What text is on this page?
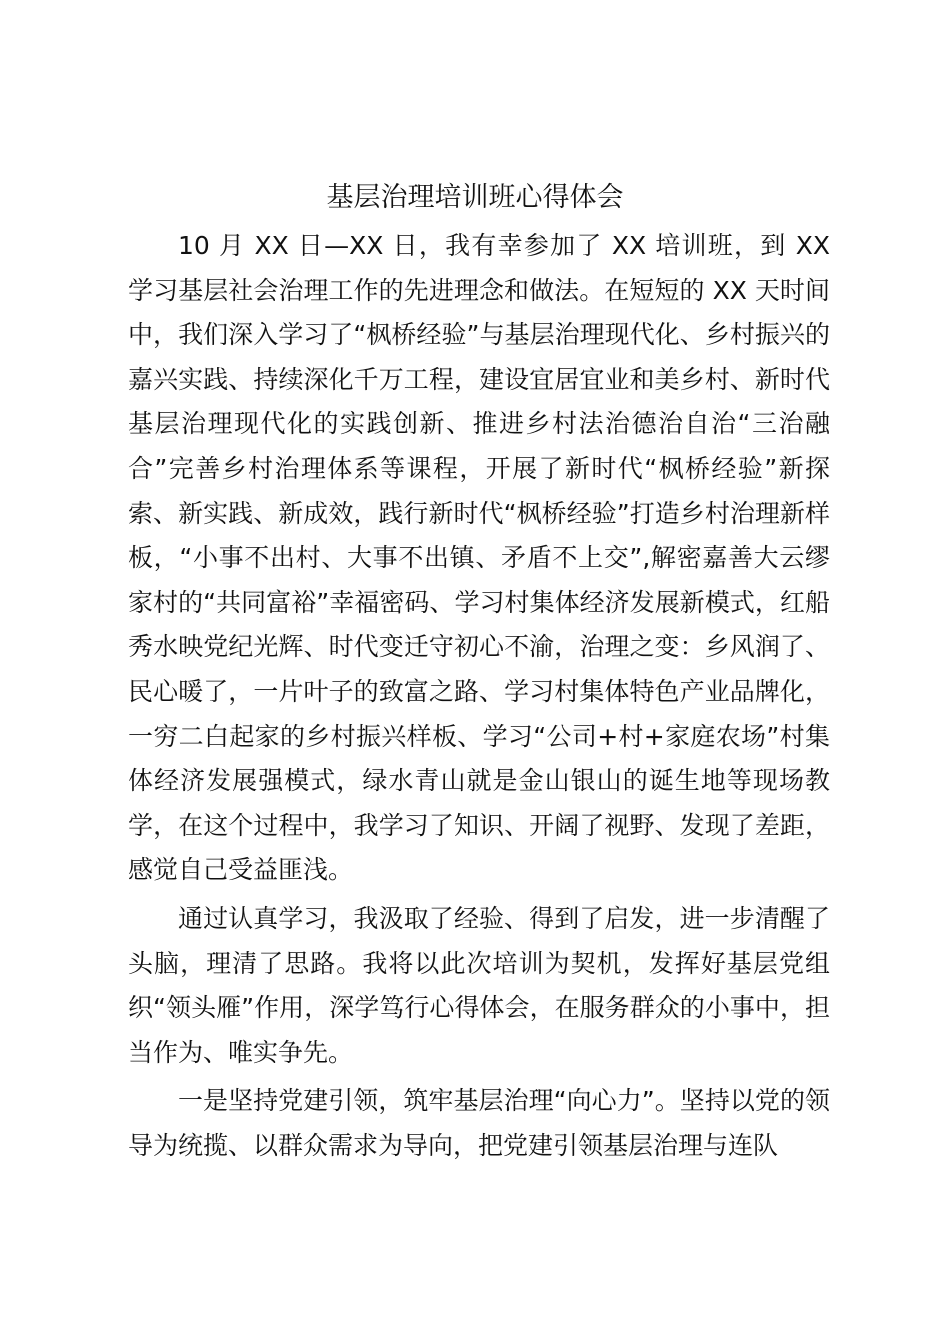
基层治理培训班心得体会

10 月 XX 日—XX 日，我有幸参加了 XX 培训班，到 XX 学习基层社会治理工作的先进理念和做法。在短短的 XX 天时间中，我们深入学习了“枫桥经验”与基层治理现代化、乡村振兴的嘉兴实践、持续深化千万工程，建设宜居宜业和美乡村、新时代基层治理现代化的实践创新、推进乡村法治德治自治“三治融合”完善乡村治理体系等课程，开展了新时代“枫桥经验”新探索、新实践、新成效，践行新时代“枫桥经验”打造乡村治理新样板，“小事不出村、大事不出镇、矛盾不上交”,解密嘉善大云缪家村的“共同富裕”幸福密码、学习村集体经济发展新模式，红船秀水映党纪光辉、时代变迁守初心不渝，治理之变：乡风润了、民心暖了，一片叶子的致富之路、学习村集体特色产业品牌化，一穷二白起家的乡村振兴样板、学习“公司+村+家庭农场”村集体经济发展强模式，绿水青山就是金山银山的诞生地等现场教学，在这个过程中，我学习了知识、开阔了视野、发现了差距，感觉自己受益匪浅。

通过认真学习，我汲取了经验、得到了启发，进一步清醒了头脑，理清了思路。我将以此次培训为契机，发挥好基层党组织“领头雁”作用，深学笃行心得体会，在服务群众的小事中，担当作为、唯实争先。

一是坚持党建引领，筑牢基层治理“向心力”。坚持以党的领导为统揽、以群众需求为导向，把党建引领基层治理与连队
